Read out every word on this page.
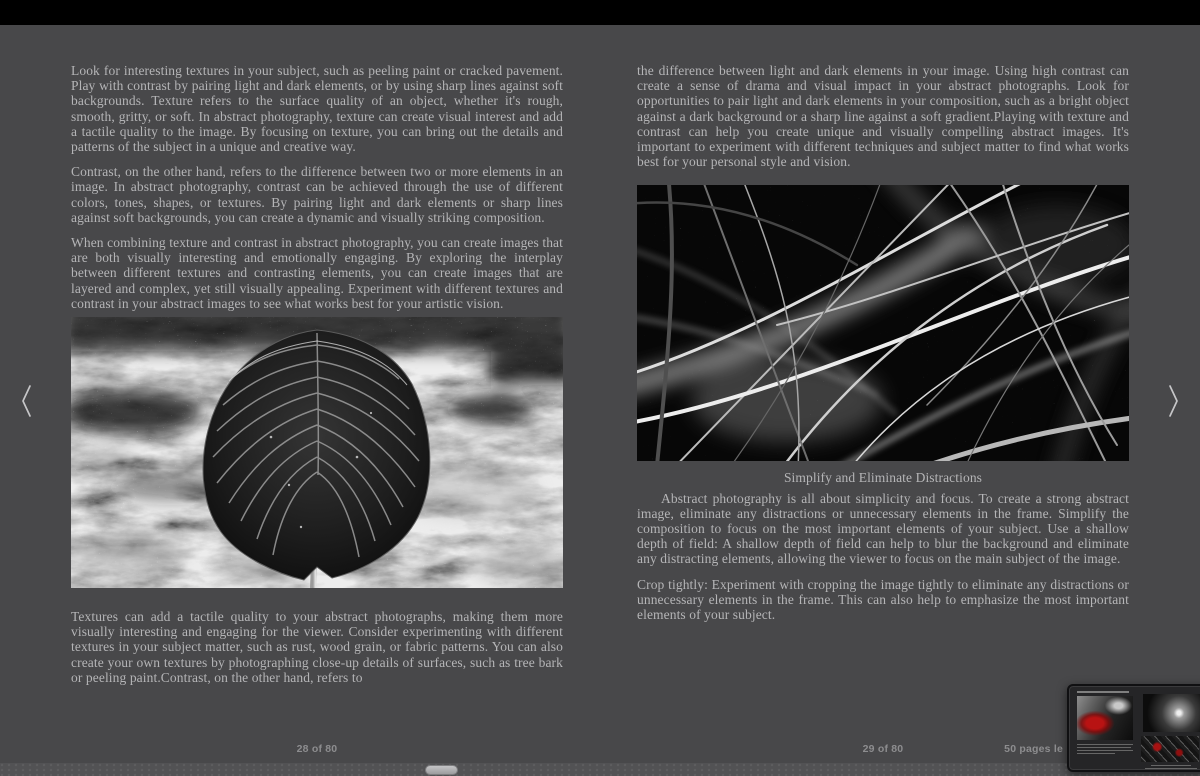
Look for interesting textures in your subject, such as peeling paint or cracked pavement. Play with contrast by pairing light and dark elements, or by using sharp lines against soft backgrounds. Texture refers to the surface quality of an object, whether it's rough, smooth, gritty, or soft. In abstract photography, texture can create visual interest and add a tactile quality to the image. By focusing on texture, you can bring out the details and patterns of the subject in a unique and creative way.

Contrast, on the other hand, refers to the difference between two or more elements in an image. In abstract photography, contrast can be achieved through the use of different colors, tones, shapes, or textures. By pairing light and dark elements or sharp lines against soft backgrounds, you can create a dynamic and visually striking composition.

When combining texture and contrast in abstract photography, you can create images that are both visually interesting and emotionally engaging. By exploring the interplay between different textures and contrasting elements, you can create images that are layered and complex, yet still visually appealing. Experiment with different textures and contrast in your abstract images to see what works best for your artistic vision.

Textures can add a tactile quality to your abstract photographs, making them more visually interesting and engaging for the viewer. Consider experimenting with different textures in your subject matter, such as rust, wood grain, or fabric patterns. You can also create your own textures by photographing close-up details of surfaces, such as tree bark or peeling paint.Contrast, on the other hand, refers to

the difference between light and dark elements in your image. Using high contrast can create a sense of drama and visual impact in your abstract photographs. Look for opportunities to pair light and dark elements in your composition, such as a bright object against a dark background or a sharp line against a soft gradient.Playing with texture and contrast can help you create unique and visually compelling abstract images. It's important to experiment with different techniques and subject matter to find what works best for your personal style and vision.

Simplify and Eliminate Distractions

Abstract photography is all about simplicity and focus. To create a strong abstract image, eliminate any distractions or unnecessary elements in the frame. Simplify the composition to focus on the most important elements of your subject. Use a shallow depth of field: A shallow depth of field can help to blur the background and eliminate any distracting elements, allowing the viewer to focus on the main subject of the image.

Crop tightly: Experiment with cropping the image tightly to eliminate any distractions or unnecessary elements in the frame. This can also help to emphasize the most important elements of your subject.

28 of 80	29 of 80	50 pages le
